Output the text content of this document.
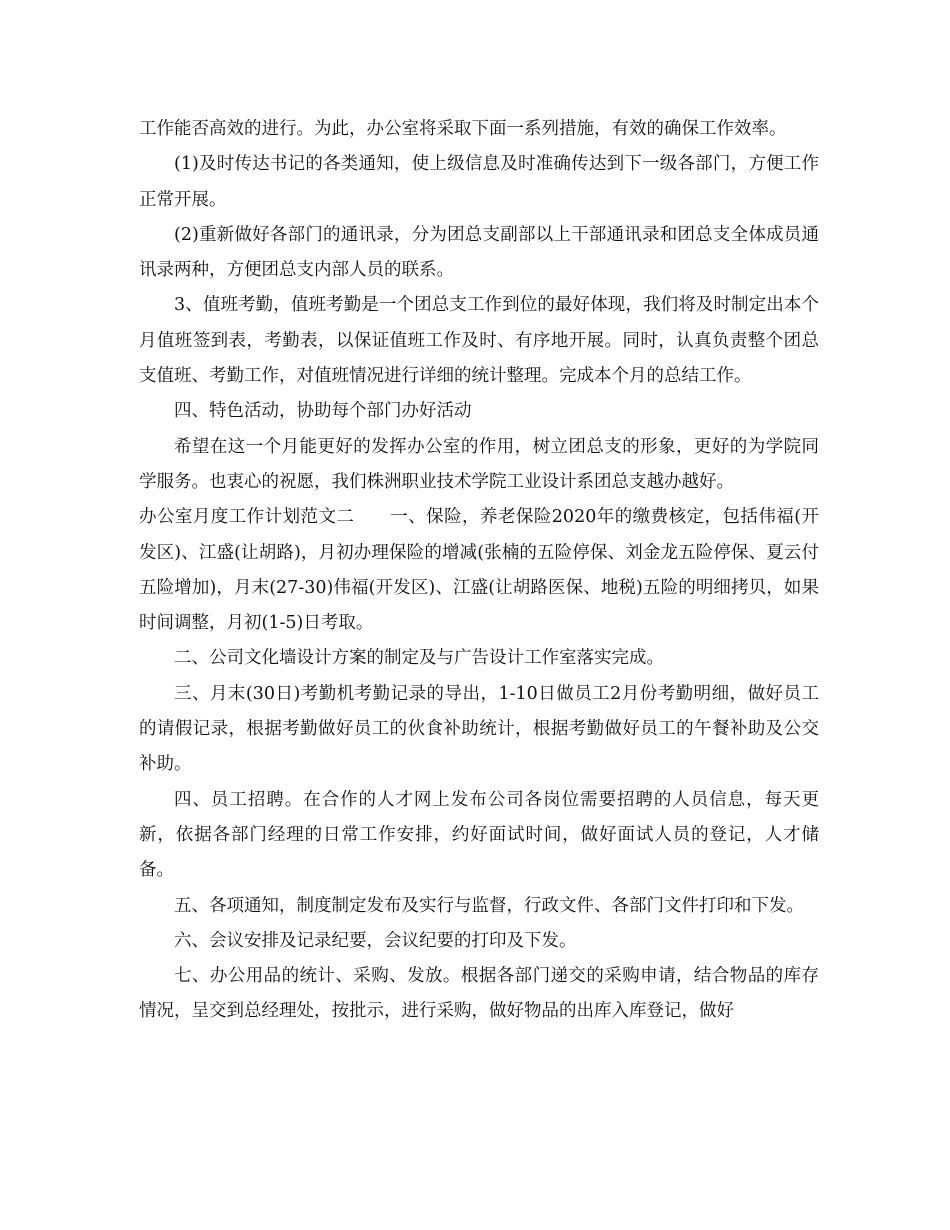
工作能否高效的进行。为此，办公室将采取下面一系列措施，有效的确保工作效率。

(1)及时传达书记的各类通知，使上级信息及时准确传达到下一级各部门，方便工作正常开展。

(2)重新做好各部门的通讯录，分为团总支副部以上干部通讯录和团总支全体成员通讯录两种，方便团总支内部人员的联系。

3、值班考勤，值班考勤是一个团总支工作到位的最好体现，我们将及时制定出本个月值班签到表，考勤表，以保证值班工作及时、有序地开展。同时，认真负责整个团总支值班、考勤工作，对值班情况进行详细的统计整理。完成本个月的总结工作。

四、特色活动，协助每个部门办好活动

希望在这一个月能更好的发挥办公室的作用，树立团总支的形象，更好的为学院同学服务。也衷心的祝愿，我们株洲职业技术学院工业设计系团总支越办越好。

办公室月度工作计划范文二　　一、保险，养老保险2020年的缴费核定，包括伟福(开发区)、江盛(让胡路)，月初办理保险的增减(张楠的五险停保、刘金龙五险停保、夏云付五险增加)，月末(27-30)伟福(开发区)、江盛(让胡路医保、地税)五险的明细拷贝，如果时间调整，月初(1-5)日考取。

二、公司文化墙设计方案的制定及与广告设计工作室落实完成。

三、月末(30日)考勤机考勤记录的导出，1-10日做员工2月份考勤明细，做好员工的请假记录，根据考勤做好员工的伙食补助统计，根据考勤做好员工的午餐补助及公交补助。

四、员工招聘。在合作的人才网上发布公司各岗位需要招聘的人员信息，每天更新，依据各部门经理的日常工作安排，约好面试时间，做好面试人员的登记，人才储备。

五、各项通知，制度制定发布及实行与监督，行政文件、各部门文件打印和下发。

六、会议安排及记录纪要，会议纪要的打印及下发。

七、办公用品的统计、采购、发放。根据各部门递交的采购申请，结合物品的库存情况，呈交到总经理处，按批示，进行采购，做好物品的出库入库登记，做好
